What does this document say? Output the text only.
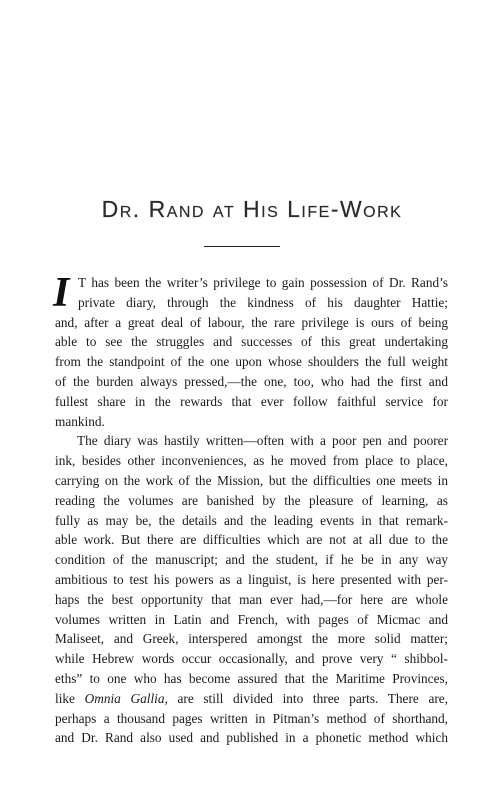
Dr. Rand at His Life-Work
I T has been the writer’s privilege to gain possession of Dr. Rand’s
private diary, through the kindness of his daughter Hattie;
and, after a great deal of labour, the rare privilege is ours of being
able to see the struggles and successes of this great undertaking
from the standpoint of the one upon whose shoulders the full weight
of the burden always pressed,—the one, too, who had the first and
fullest share in the rewards that ever follow faithful service for
mankind.
The diary was hastily written—often with a poor pen and poorer
ink, besides other inconveniences, as he moved from place to place,
carrying on the work of the Mission, but the difficulties one meets in
reading the volumes are banished by the pleasure of learning, as
fully as may be, the details and the leading events in that remark-
able work. But there are difficulties which are not at all due to the
condition of the manuscript; and the student, if he be in any way
ambitious to test his powers as a linguist, is here presented with per-
haps the best opportunity that man ever had,—for here are whole
volumes written in Latin and French, with pages of Micmac and
Maliseet, and Greek, interspered amongst the more solid matter;
while Hebrew words occur occasionally, and prove very “ shibbol-
eths” to one who has become assured that the Maritime Provinces,
like Omnia Gallia, are still divided into three parts. There are,
perhaps a thousand pages written in Pitman’s method of shorthand,
and Dr. Rand also used and published in a phonetic method which
